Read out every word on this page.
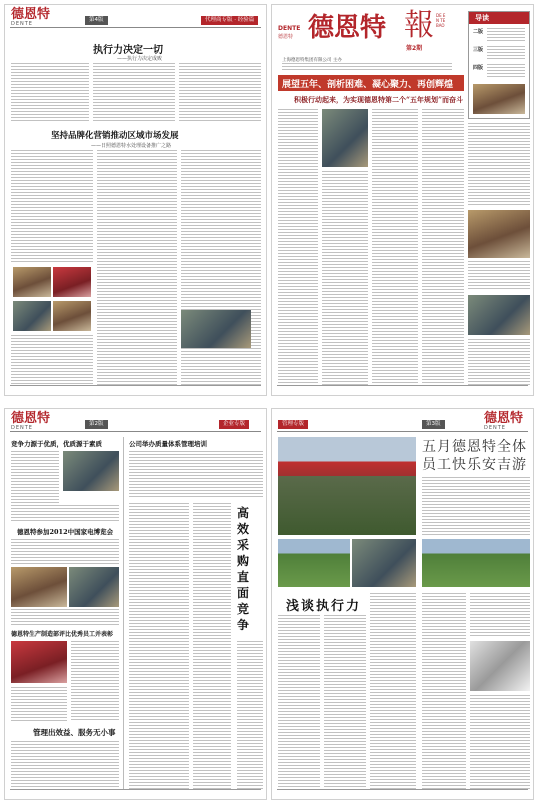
德恩特
DENTE
第4版	代理商专版 · 经验篇
执行力决定一切
——执行力决定成败
坚持品牌化营销推动区域市场发展
——日照德恩特水处理设备推广之路
DENTE
德恩特 德恩特 報 DE EN TE BAO
第2期
上海德恩特集团有限公司 主办
导读
二版
三版
四版
展望五年、剖析困难、凝心聚力、再创辉煌
积极行动起来，为实现德恩特第二个“五年规划”而奋斗
德恩特
DENTE
第2版	企业专版
竞争力源于优质，优质源于素质
德恩特参加2012中国家电博览会
德恩特生产制造部评比优秀员工并表彰
管理出效益、服务无小事
公司举办质量体系管理培训
高效采购直面竞争
管理专版	第3版	德恩特
DENTE
五月德恩特全体
员工快乐安吉游
浅谈执行力
